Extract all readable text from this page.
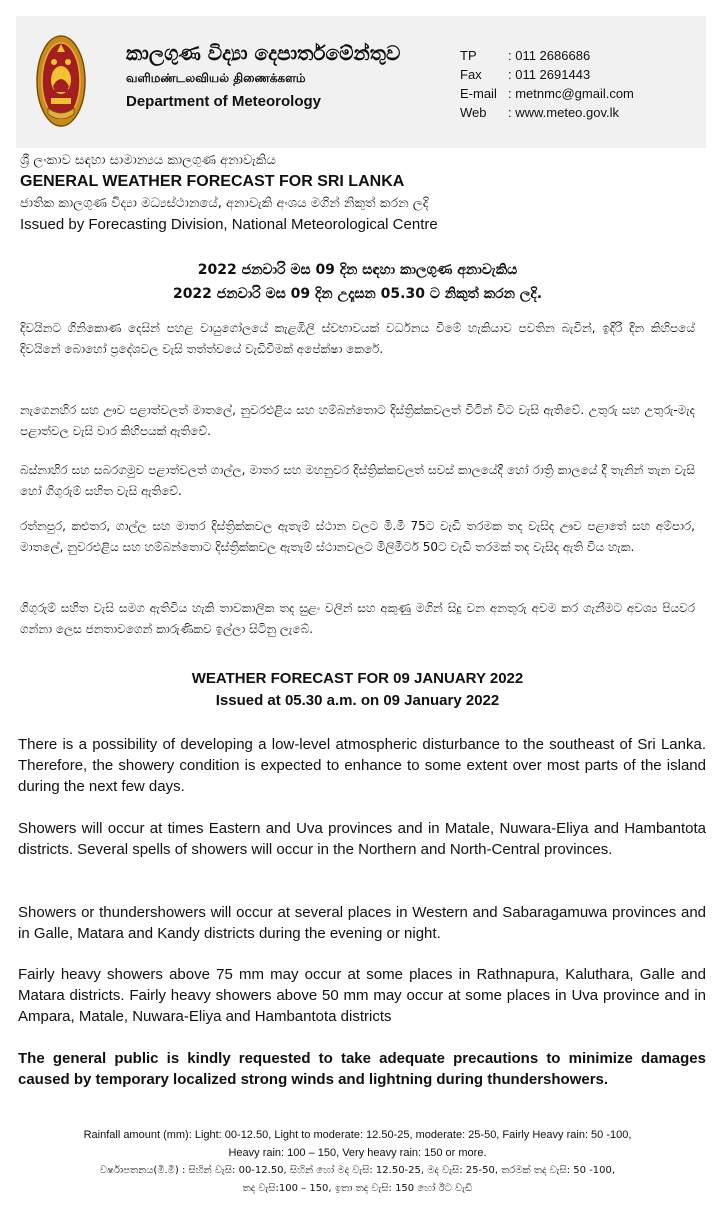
කාලගුණ විද්‍යා දෙපාර්තමේන්තුව
வளிமண்டலவியல் திணைக்களம்
Department of Meteorology
TP	: 011 2686686
Fax	: 011 2691443
E-mail : metnmc@gmail.com
Web	: www.meteo.gov.lk
ශ්‍රී ලංකාව සඳහා සාමාන්‍යය කාලගුණ අනාවැකිය
GENERAL WEATHER FORECAST FOR SRI LANKA
ජාතික කාලගුණ විද්‍යා මධ්‍යස්ථානයේ, අනාවැකි අංශය මගින් නිකුත් කරන ලදි
Issued by Forecasting Division, National Meteorological Centre
2022 ජනවාරි මස 09 දින සඳහා කාලගුණ අනාවැකිය
2022 ජනවාරි මස 09 දින උදෑසන 05.30 ට නිකුත් කරන ලදි.
දිවයිනට ගිනිකොණ දෙසින් පහළ වායුගෝලයේ කැළඹිලි ස්වභාවයක් වර්ධනය වීමේ හැකියාව පවතින බැවින්, ඉදිරි දින කිහිපයේ දිවයිනේ බොහෝ ප්‍රදේශවල වැසි තත්ත්වයේ වැඩිවීමක් අපේක්ෂා කෙරේ.
නැගෙනහිර සහ ඌව පළාත්වලත් මාතලේ, නුවරඑළිය සහ හම්බන්තොට දිස්ත්‍රික්කවලත් විටින් විට වැසි ඇතිවේ. උතුරු සහ උතුරු-මැද පළාත්වල වැසි වාර කිහිපයක් ඇතිවේ.
බස්නාහිර සහ සබරගමුව පළාත්වලත් ගාල්ල, මාතර සහ මහනුවර දිස්ත්‍රික්කවලත් සවස් කාලයේදී හෝ රාත්‍රි කාලයේ දී තැනින් තැන වැසි හෝ ගිගුරුම් සහිත වැසි ඇතිවේ.
රත්නපුර, කළුතර, ගාල්ල සහ මාතර දිස්ත්‍රික්කවල ඇතැම් ස්ථාන වලට මි.මී 75ට වැඩි තරමක තද වැසිද ඌව පළාතේ සහ අම්පාර, මාතලේ, නුවරඑළිය සහ හම්බන්තොට දිස්ත්‍රික්කවල ඇතැම් ස්ථානවලට මිලිමීටර් 50ට වැඩි තරමක් තද වැසිද ඇති විය හැක.
ගිගුරුම් සහිත වැසි සමග ඇතිවිය හැකි තාවකාලික තද සුළං වලින් සහ අකුණු මගින් සිදු වන අනතුරු අවම කර ගැනීමට අවශ්‍ය පියවර ගන්නා ලෙස ජනතාවගෙන් කාරුණිකව ඉල්ලා සිටිනු ලැබේ.
WEATHER FORECAST FOR 09 JANUARY 2022
Issued at 05.30 a.m. on 09 January 2022
There is a possibility of developing a low-level atmospheric disturbance to the southeast of Sri Lanka. Therefore, the showery condition is expected to enhance to some extent over most parts of the island during the next few days.
Showers will occur at times Eastern and Uva provinces and in Matale, Nuwara-Eliya and Hambantota districts. Several spells of showers will occur in the Northern and North-Central provinces.
Showers or thundershowers will occur at several places in Western and Sabaragamuwa provinces and in Galle, Matara and Kandy districts during the evening or night.
Fairly heavy showers above 75 mm may occur at some places in Rathnapura, Kaluthara, Galle and Matara districts. Fairly heavy showers above 50 mm may occur at some places in Uva province and in Ampara, Matale, Nuwara-Eliya and Hambantota districts
The general public is kindly requested to take adequate precautions to minimize damages caused by temporary localized strong winds and lightning during thundershowers.
Rainfall amount (mm): Light: 00-12.50, Light to moderate: 12.50-25, moderate: 25-50, Fairly Heavy rain: 50 -100,
Heavy rain: 100 – 150, Very heavy rain: 150 or more.
වර්ෂාපතනය(මි.මී) : සිහින් වැසි: 00-12.50, සිහින් හෝ මද වැසි: 12.50-25, මද වැසි: 25-50, තරමක් තද වැසි: 50 -100,
තද වැසි:100 – 150, ඉතා තද වැසි: 150 හෝ ඊට වැඩි
